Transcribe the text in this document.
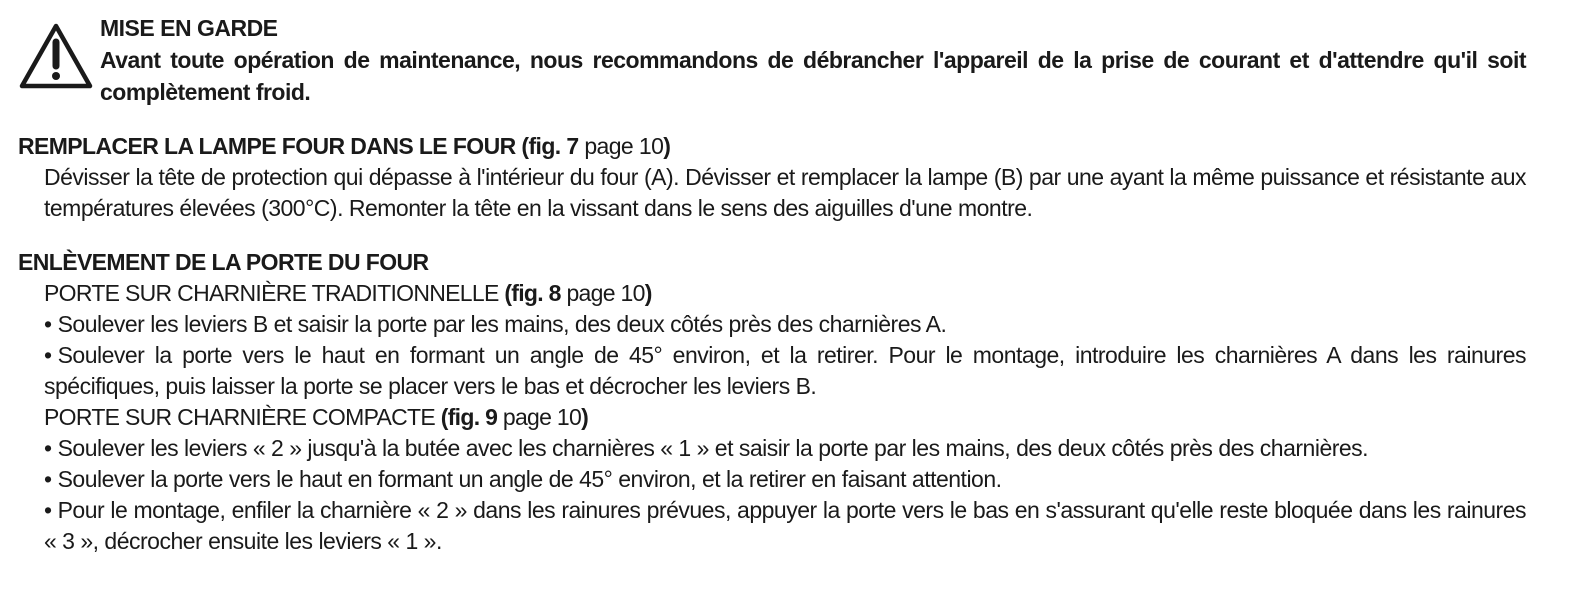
MISE EN GARDE
Avant toute opération de maintenance, nous recommandons de débrancher l'appareil de la prise de courant et d'attendre qu'il soit complètement froid.
REMPLACER LA LAMPE FOUR DANS LE FOUR (fig. 7 page 10)
Dévisser la tête de protection qui dépasse à l'intérieur du four (A). Dévisser et remplacer la lampe (B) par une ayant la même puissance et résistante aux températures élevées (300°C). Remonter la tête en la vissant dans le sens des aiguilles d'une montre.
ENLÈVEMENT DE LA PORTE DU FOUR
PORTE SUR CHARNIÈRE TRADITIONNELLE (fig. 8 page 10)
• Soulever les leviers B et saisir la porte par les mains, des deux côtés près des charnières A.
• Soulever la porte vers le haut en formant un angle de 45° environ, et la retirer. Pour le montage, introduire les charnières A dans les rainures spécifiques, puis laisser la porte se placer vers le bas et décrocher les leviers B.
PORTE SUR CHARNIÈRE COMPACTE (fig. 9 page 10)
• Soulever les leviers « 2 » jusqu'à la butée avec les charnières « 1 » et saisir la porte par les mains, des deux côtés près des charnières.
• Soulever la porte vers le haut en formant un angle de 45° environ, et la retirer en faisant attention.
• Pour le montage, enfiler la charnière « 2 » dans les rainures prévues, appuyer la porte vers le bas en s'assurant qu'elle reste bloquée dans les rainures « 3 », décrocher ensuite les leviers « 1 ».
